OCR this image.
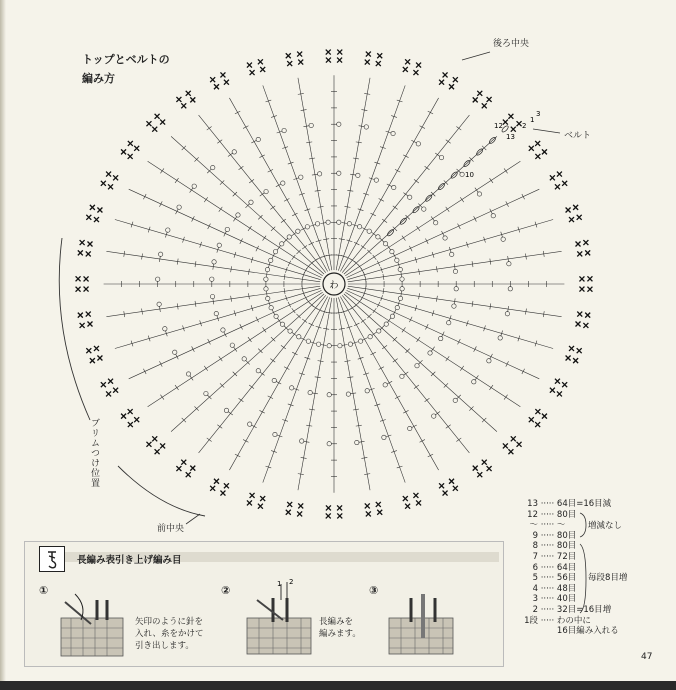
トップとベルトの
編み方
わ
1
2
3
10
12
13
後ろ中央
ベルト
前中央
ブリムつけ位置
13 ····· 64目=16目減
12 ····· 80目
〜 ····· 〜
9 ····· 80目
8 ····· 80目
7 ····· 72目
6 ····· 64目
5 ····· 56目
4 ····· 48目
3 ····· 40目
2 ····· 32目=16目増
1段 ····· わの中に
16目編み入れる
増減なし
毎段8目増
長編み表引き上げ編み目
①
矢印のように針を
入れ、糸をかけて
引き出します。
②	1 2
長編みを
編みます。
③
47
